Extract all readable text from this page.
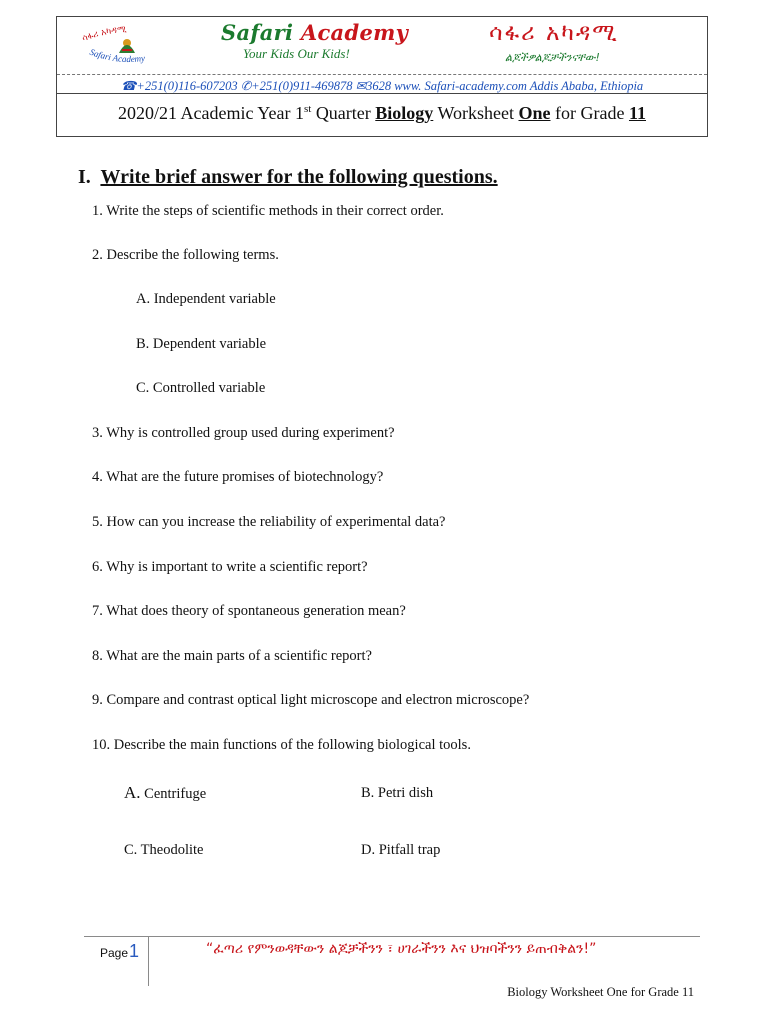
ሳፋሪ አካዳሚ
Safari Academy
Safari Academy
Your Kids Our Kids!
ሳፋሪ አካዳሚ
ልጆችዎልጆቻችንናቸው!
☎+251(0)116-607203 ✆+251(0)911-469878 ✉3628 www. Safari-academy.com Addis Ababa, Ethiopia
2020/21 Academic Year 1st Quarter Biology Worksheet One for Grade 11
I. Write brief answer for the following questions.
1. Write the steps of scientific methods in their correct order.
2. Describe the following terms.
A. Independent variable
B. Dependent variable
C. Controlled variable
3. Why is controlled group used during experiment?
4. What are the future promises of biotechnology?
5. How can you increase the reliability of experimental data?
6. Why is important to write a scientific report?
7. What does theory of spontaneous generation mean?
8. What are the main parts of a scientific report?
9. Compare and contrast optical light microscope and electron microscope?
10. Describe the main functions of the following biological tools.
A. Centrifuge	B. Petri dish
C. Theodolite	D. Pitfall trap
Page 1	“ፈጣሪ የምንወዳቸውን ልጆቻችንን ፣ ሀገራችንን እና ህዝባችንን ይጠብቅልን!”
Biology Worksheet One for Grade 11
